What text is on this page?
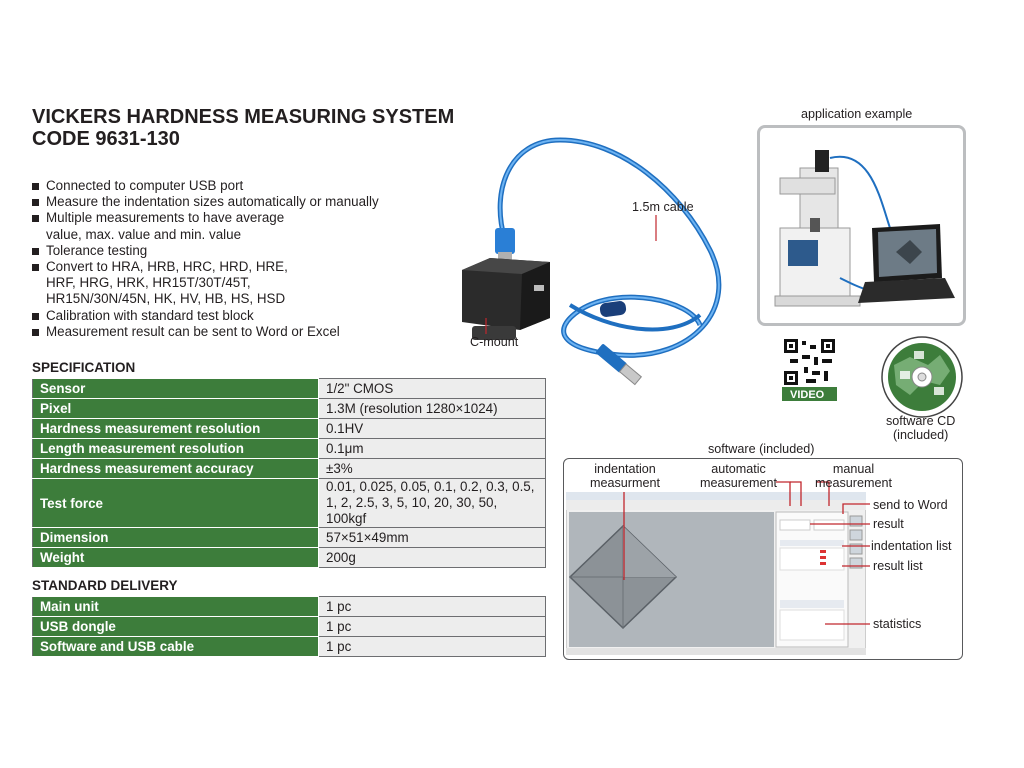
VICKERS HARDNESS MEASURING SYSTEM
CODE 9631-130
Connected to computer USB port
Measure the indentation sizes automatically or manually
Multiple measurements to have average
value, max. value and min. value
Tolerance testing
Convert to HRA, HRB, HRC, HRD, HRE,
HRF, HRG, HRK, HR15T/30T/45T,
HR15N/30N/45N, HK, HV, HB, HS, HSD
Calibration with standard test block
Measurement result can be sent to Word or Excel
SPECIFICATION
Sensor	1/2" CMOS
Pixel	1.3M (resolution 1280×1024)
Hardness measurement resolution	0.1HV
Length measurement resolution	0.1μm
Hardness measurement accuracy	±3%
Test force	0.01, 0.025, 0.05, 0.1, 0.2, 0.3, 0.5,
1, 2, 2.5, 3, 5, 10, 20, 30, 50, 100kgf
Dimension	57×51×49mm
Weight	200g
STANDARD DELIVERY
Main unit	1 pc
USB dongle	1 pc
Software and USB cable	1 pc
1.5m cable
C-mount
application example
VIDEO
software CD
(included)
software (included)
indentation
measurment
automatic
measurement
manual
measurement
send to Word
result
indentation list
result list
statistics
